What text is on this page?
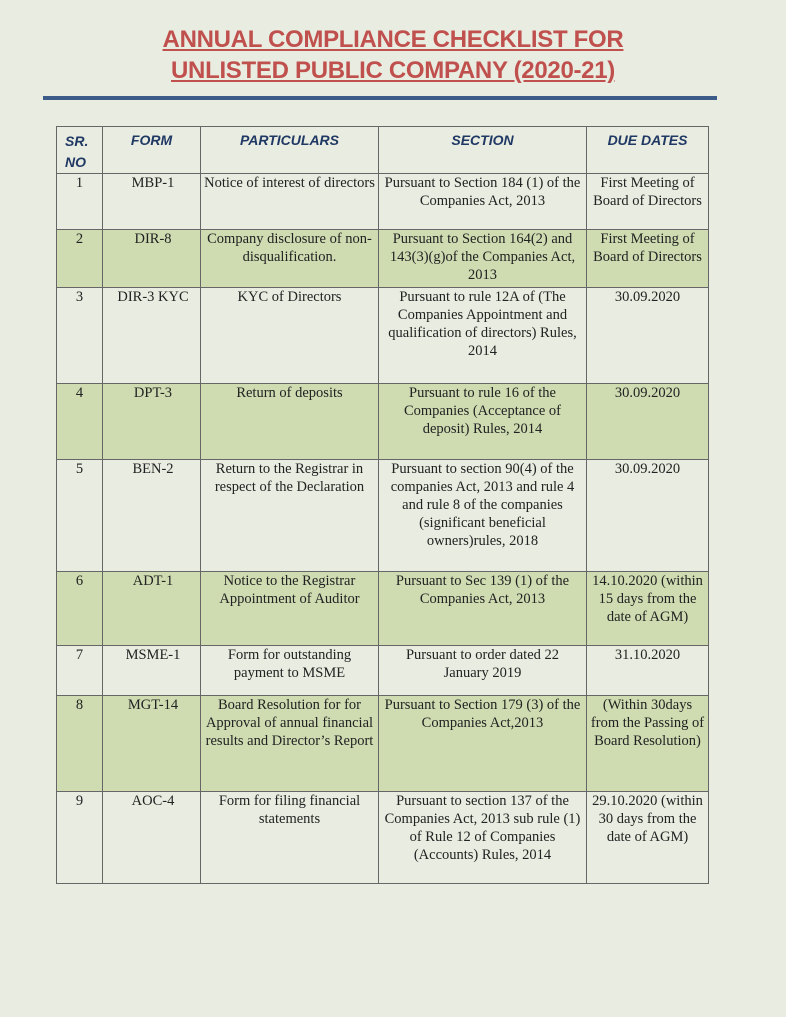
ANNUAL COMPLIANCE CHECKLIST FOR
UNLISTED PUBLIC COMPANY (2020-21)
SR.
NO	FORM	PARTICULARS	SECTION	DUE DATES
1	MBP-1	Notice of interest of directors	Pursuant to Section 184 (1) of the Companies Act, 2013	First Meeting of Board of Directors
2	DIR-8	Company disclosure of non-disqualification.	Pursuant to Section 164(2) and 143(3)(g)of the Companies Act, 2013	First Meeting of Board of Directors
3	DIR-3 KYC	KYC of Directors	Pursuant to rule 12A of (The Companies Appointment and qualification of directors) Rules, 2014	30.09.2020
4	DPT-3	Return of deposits	Pursuant to rule 16 of the Companies (Acceptance of deposit) Rules, 2014	30.09.2020
5	BEN-2	Return to the Registrar in respect of the Declaration	Pursuant to section 90(4) of the companies Act, 2013 and rule 4 and rule 8 of the companies (significant beneficial owners)rules, 2018	30.09.2020
6	ADT-1	Notice to the Registrar Appointment of Auditor	Pursuant to Sec 139 (1) of the Companies Act, 2013	14.10.2020 (within 15 days from the date of AGM)
7	MSME-1	Form for outstanding payment to MSME	Pursuant to order dated 22 January 2019	31.10.2020
8	MGT-14	Board Resolution for for Approval of annual financial results and Director’s Report	Pursuant to Section 179 (3) of the Companies Act,2013	(Within 30days from the Passing of Board Resolution)
9	AOC-4	Form for filing financial statements	Pursuant to section 137 of the Companies Act, 2013 sub rule (1) of Rule 12 of Companies (Accounts) Rules, 2014	29.10.2020 (within 30 days from the date of AGM)
